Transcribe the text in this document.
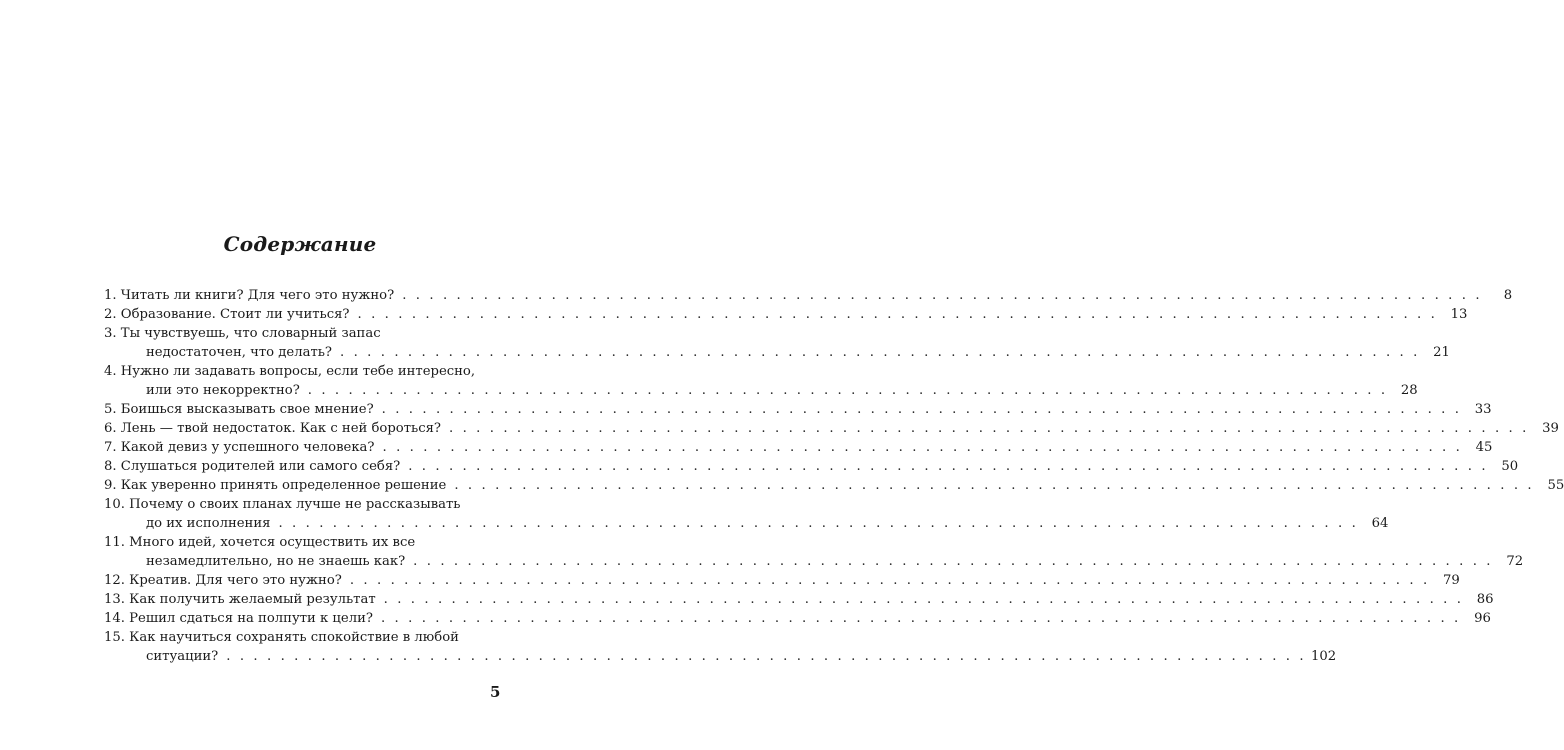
Содержание
1. Читать ли книги? Для чего это нужно? . . . . . . . . . . . . . . . . . . . . . . . . . . . . . . . . . . . . . . . . . . . . . . . . . . . . . . . . . . . . . . . . . . . . . . . . . . . . . . . .	8
2. Образование. Стоит ли учиться? . . . . . . . . . . . . . . . . . . . . . . . . . . . . . . . . . . . . . . . . . . . . . . . . . . . . . . . . . . . . . . . . . . . . . . . . . . . . . . . .	13
3. Ты чувствуешь, что словарный запас
недостаточен, что делать? . . . . . . . . . . . . . . . . . . . . . . . . . . . . . . . . . . . . . . . . . . . . . . . . . . . . . . . . . . . . . . . . . . . . . . . . . . . . . . . .	21
4. Нужно ли задавать вопросы, если тебе интересно,
или это некорректно? . . . . . . . . . . . . . . . . . . . . . . . . . . . . . . . . . . . . . . . . . . . . . . . . . . . . . . . . . . . . . . . . . . . . . . . . . . . . . . . .	28
5. Боишься высказывать свое мнение? . . . . . . . . . . . . . . . . . . . . . . . . . . . . . . . . . . . . . . . . . . . . . . . . . . . . . . . . . . . . . . . . . . . . . . . . . . . . . . . .	33
6. Лень — твой недостаток. Как с ней бороться? . . . . . . . . . . . . . . . . . . . . . . . . . . . . . . . . . . . . . . . . . . . . . . . . . . . . . . . . . . . . . . . . . . . . . . . . . . . . . . . .	39
7. Какой девиз у успешного человека? . . . . . . . . . . . . . . . . . . . . . . . . . . . . . . . . . . . . . . . . . . . . . . . . . . . . . . . . . . . . . . . . . . . . . . . . . . . . . . . .	45
8. Слушаться родителей или самого себя? . . . . . . . . . . . . . . . . . . . . . . . . . . . . . . . . . . . . . . . . . . . . . . . . . . . . . . . . . . . . . . . . . . . . . . . . . . . . . . . .	50
9. Как уверенно принять определенное решение . . . . . . . . . . . . . . . . . . . . . . . . . . . . . . . . . . . . . . . . . . . . . . . . . . . . . . . . . . . . . . . . . . . . . . . . . . . . . . . .	55
10. Почему о своих планах лучше не рассказывать
до их исполнения . . . . . . . . . . . . . . . . . . . . . . . . . . . . . . . . . . . . . . . . . . . . . . . . . . . . . . . . . . . . . . . . . . . . . . . . . . . . . . . .	64
11. Много идей, хочется осуществить их все
незамедлительно, но не знаешь как? . . . . . . . . . . . . . . . . . . . . . . . . . . . . . . . . . . . . . . . . . . . . . . . . . . . . . . . . . . . . . . . . . . . . . . . . . . . . . . . .	72
12. Креатив. Для чего это нужно? . . . . . . . . . . . . . . . . . . . . . . . . . . . . . . . . . . . . . . . . . . . . . . . . . . . . . . . . . . . . . . . . . . . . . . . . . . . . . . . .	79
13. Как получить желаемый результат . . . . . . . . . . . . . . . . . . . . . . . . . . . . . . . . . . . . . . . . . . . . . . . . . . . . . . . . . . . . . . . . . . . . . . . . . . . . . . . .	86
14. Решил сдаться на полпути к цели? . . . . . . . . . . . . . . . . . . . . . . . . . . . . . . . . . . . . . . . . . . . . . . . . . . . . . . . . . . . . . . . . . . . . . . . . . . . . . . . .	96
15. Как научиться сохранять спокойствие в любой
ситуации? . . . . . . . . . . . . . . . . . . . . . . . . . . . . . . . . . . . . . . . . . . . . . . . . . . . . . . . . . . . . . . . . . . . . . . . . . . . . . . . . 102
5
